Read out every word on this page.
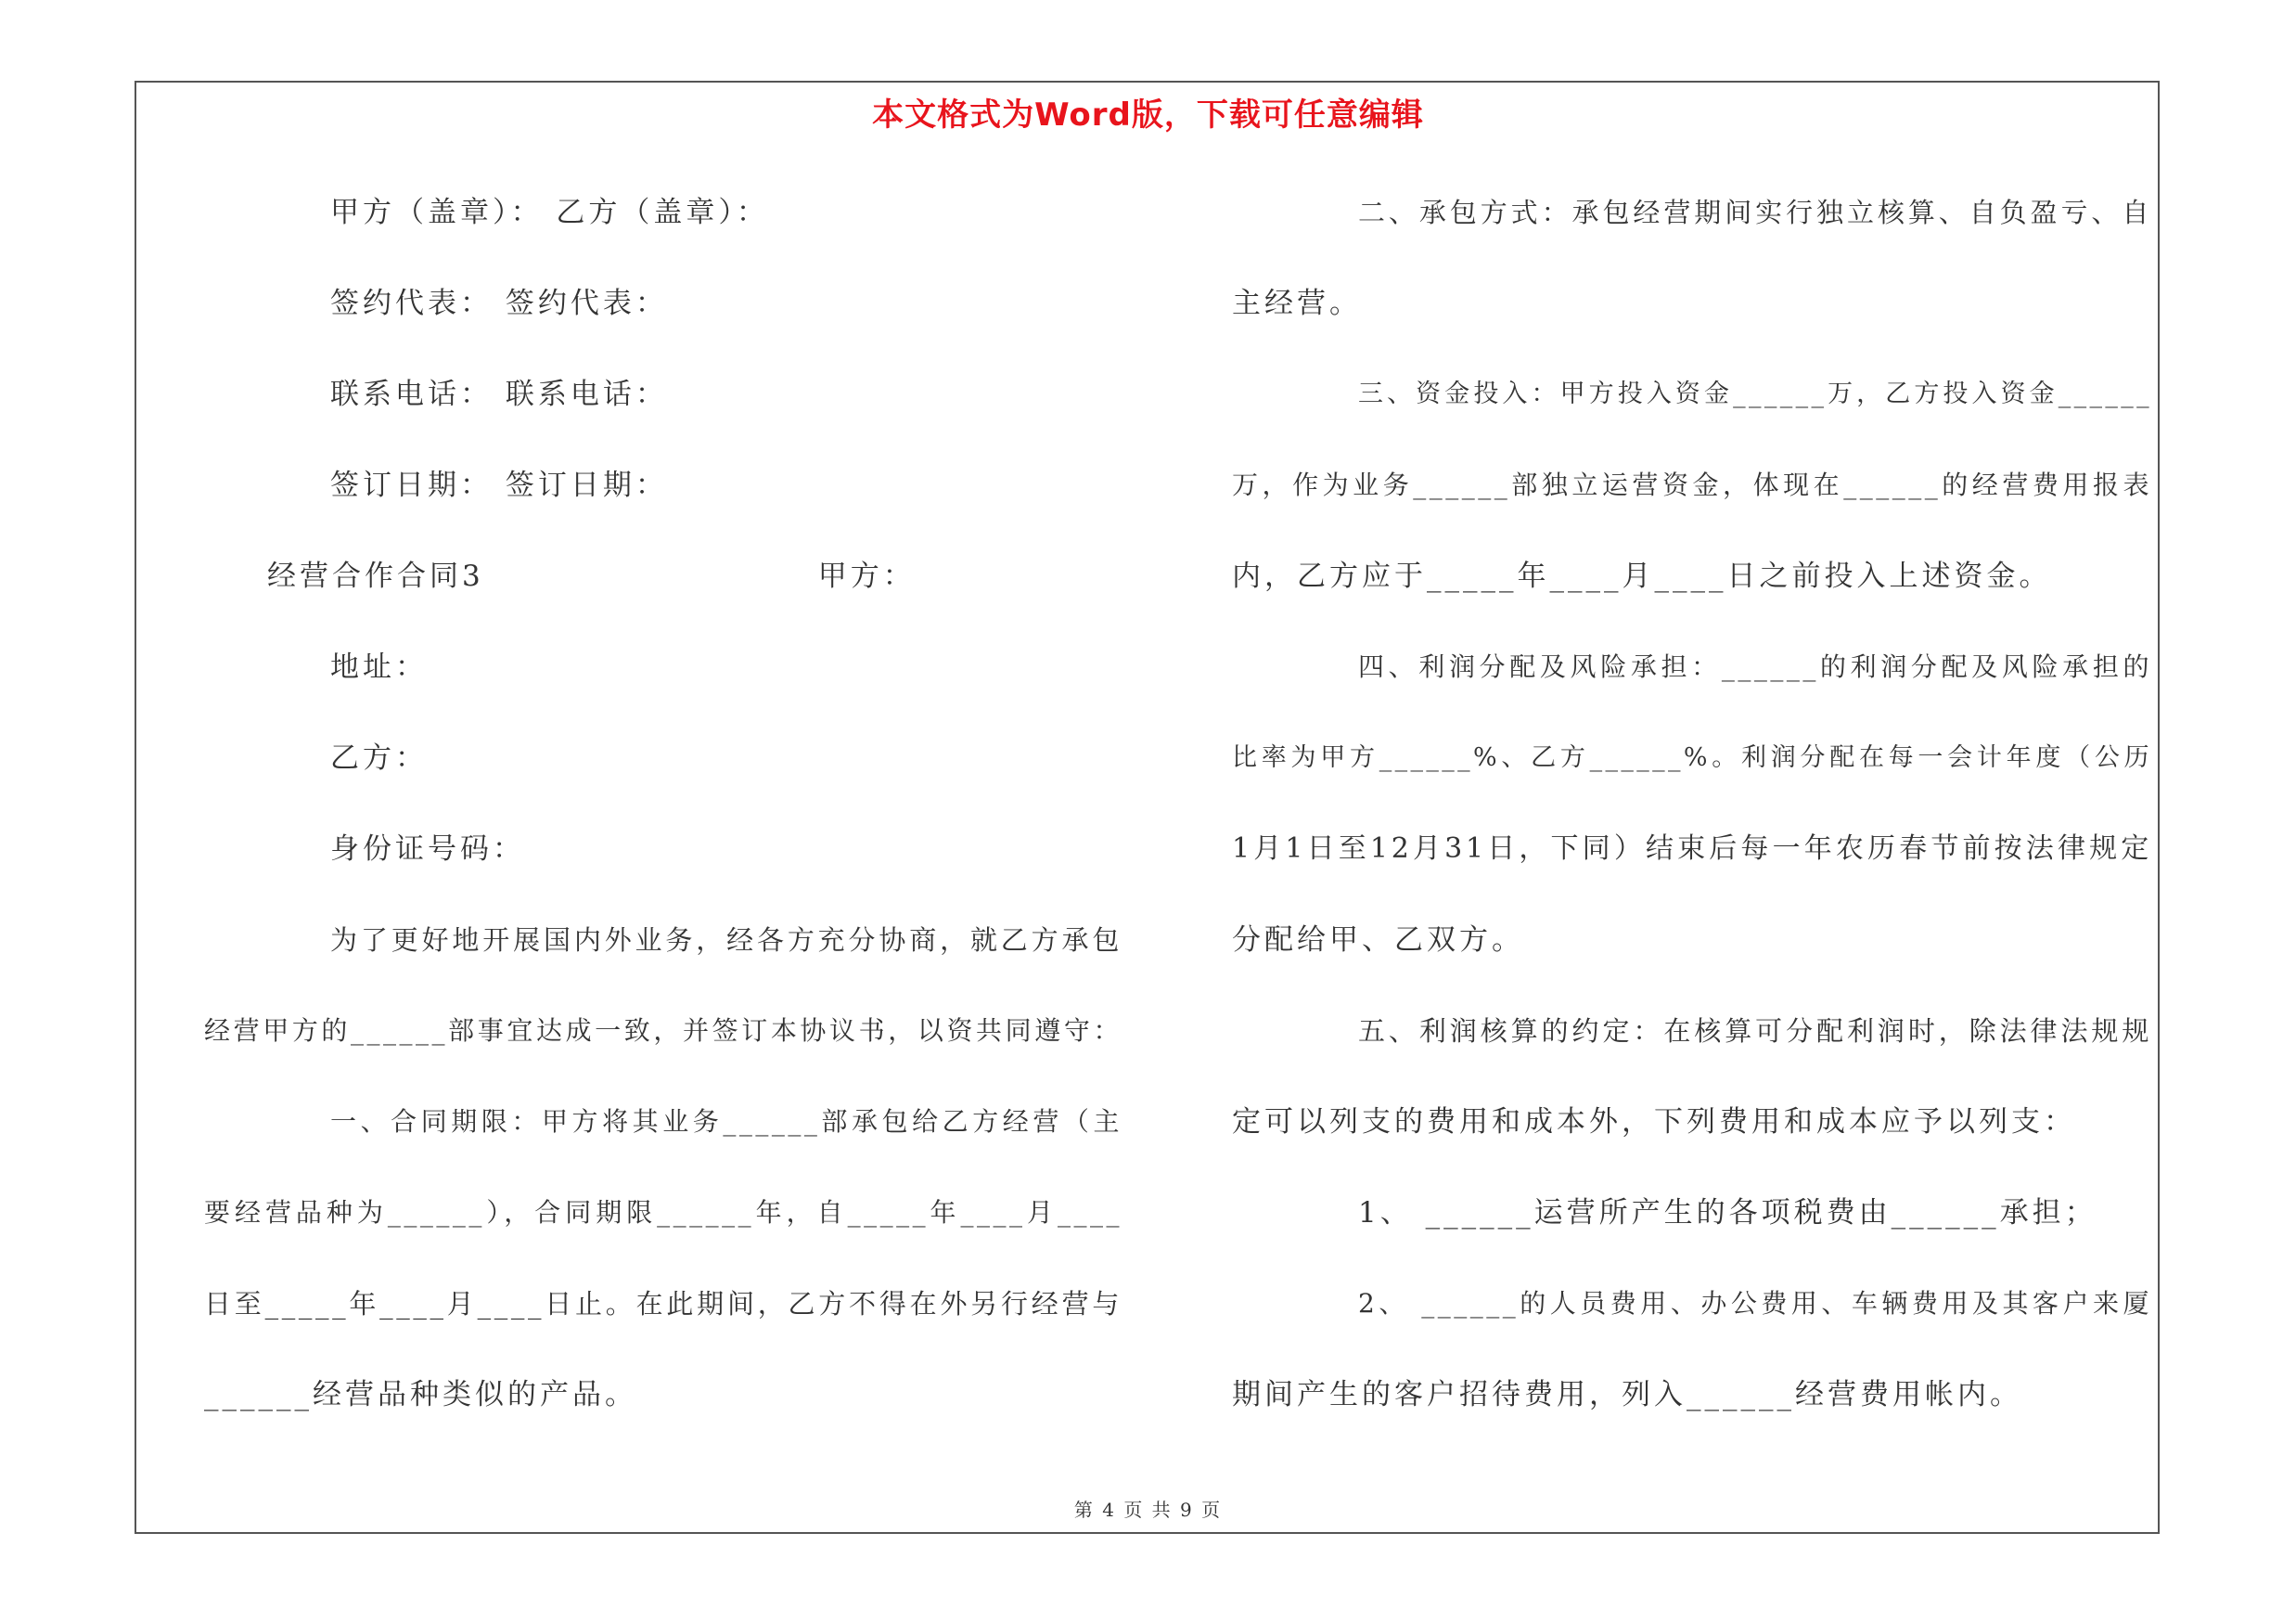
本文格式为Word版，下载可任意编辑
甲方（盖章）： 乙方（盖章）：
签约代表： 签约代表：
联系电话： 联系电话：
签订日期： 签订日期：
经营合作合同3	甲方：
地址：
乙方：
身份证号码：
为了更好地开展国内外业务，经各方充分协商，就乙方承包
经营甲方的______部事宜达成一致，并签订本协议书，以资共同遵守：
一、合同期限：甲方将其业务______部承包给乙方经营（主
要经营品种为______），合同期限______年，自_____年____月____
日至_____年____月____日止。在此期间，乙方不得在外另行经营与
______经营品种类似的产品。
二、承包方式：承包经营期间实行独立核算、自负盈亏、自
主经营。
三、资金投入：甲方投入资金______万，乙方投入资金______
万，作为业务______部独立运营资金，体现在______的经营费用报表
内，乙方应于_____年____月____日之前投入上述资金。
四、利润分配及风险承担：______的利润分配及风险承担的
比率为甲方______%、乙方______%。利润分配在每一会计年度（公历
1月1日至12月31日，下同）结束后每一年农历春节前按法律规定
分配给甲、乙双方。
五、利润核算的约定：在核算可分配利润时，除法律法规规
定可以列支的费用和成本外，下列费用和成本应予以列支：
1、 ______运营所产生的各项税费由______承担；
2、 ______的人员费用、办公费用、车辆费用及其客户来厦
期间产生的客户招待费用，列入______经营费用帐内。
第 4 页 共 9 页
